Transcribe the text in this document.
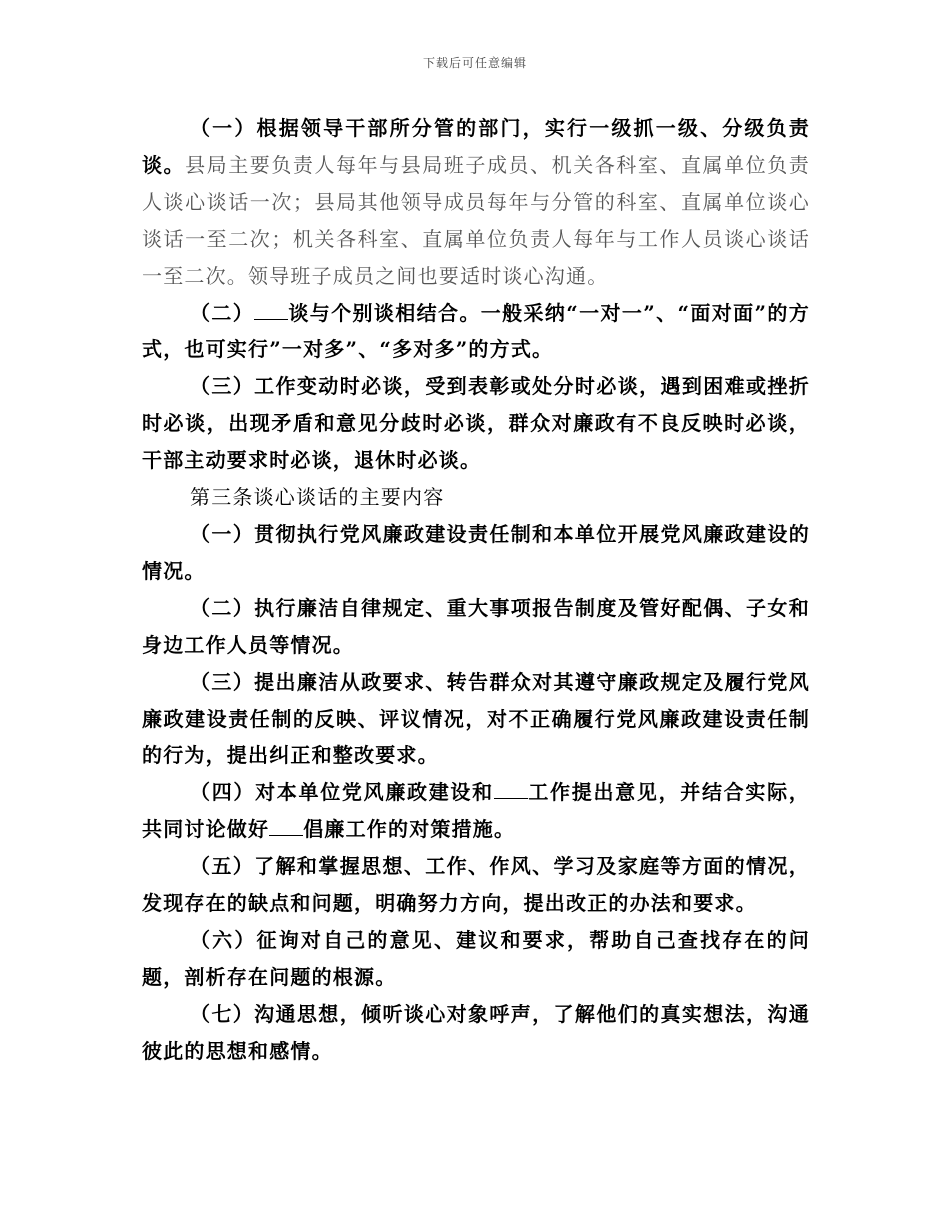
下载后可任意编辑

（一）根据领导干部所分管的部门，实行一级抓一级、分级负责谈。县局主要负责人每年与县局班子成员、机关各科室、直属单位负责人谈心谈话一次；县局其他领导成员每年与分管的科室、直属单位谈心谈话一至二次；机关各科室、直属单位负责人每年与工作人员谈心谈话一至二次。领导班子成员之间也要适时谈心沟通。

（二） 谈与个别谈相结合。一般采纳“一对一”、“面对面”的方式，也可实行”一对多”、“多对多”的方式。

（三）工作变动时必谈，受到表彰或处分时必谈，遇到困难或挫折时必谈，出现矛盾和意见分歧时必谈，群众对廉政有不良反映时必谈，干部主动要求时必谈，退休时必谈。

第三条谈心谈话的主要内容

（一）贯彻执行党风廉政建设责任制和本单位开展党风廉政建设的情况。

（二）执行廉洁自律规定、重大事项报告制度及管好配偶、子女和身边工作人员等情况。

（三）提出廉洁从政要求、转告群众对其遵守廉政规定及履行党风廉政建设责任制的反映、评议情况，对不正确履行党风廉政建设责任制的行为，提出纠正和整改要求。

（四）对本单位党风廉政建设和 工作提出意见，并结合实际，共同讨论做好 倡廉工作的对策措施。

（五）了解和掌握思想、工作、作风、学习及家庭等方面的情况，发现存在的缺点和问题，明确努力方向，提出改正的办法和要求。

（六）征询对自己的意见、建议和要求，帮助自己查找存在的问题，剖析存在问题的根源。

（七）沟通思想，倾听谈心对象呼声，了解他们的真实想法，沟通彼此的思想和感情。
